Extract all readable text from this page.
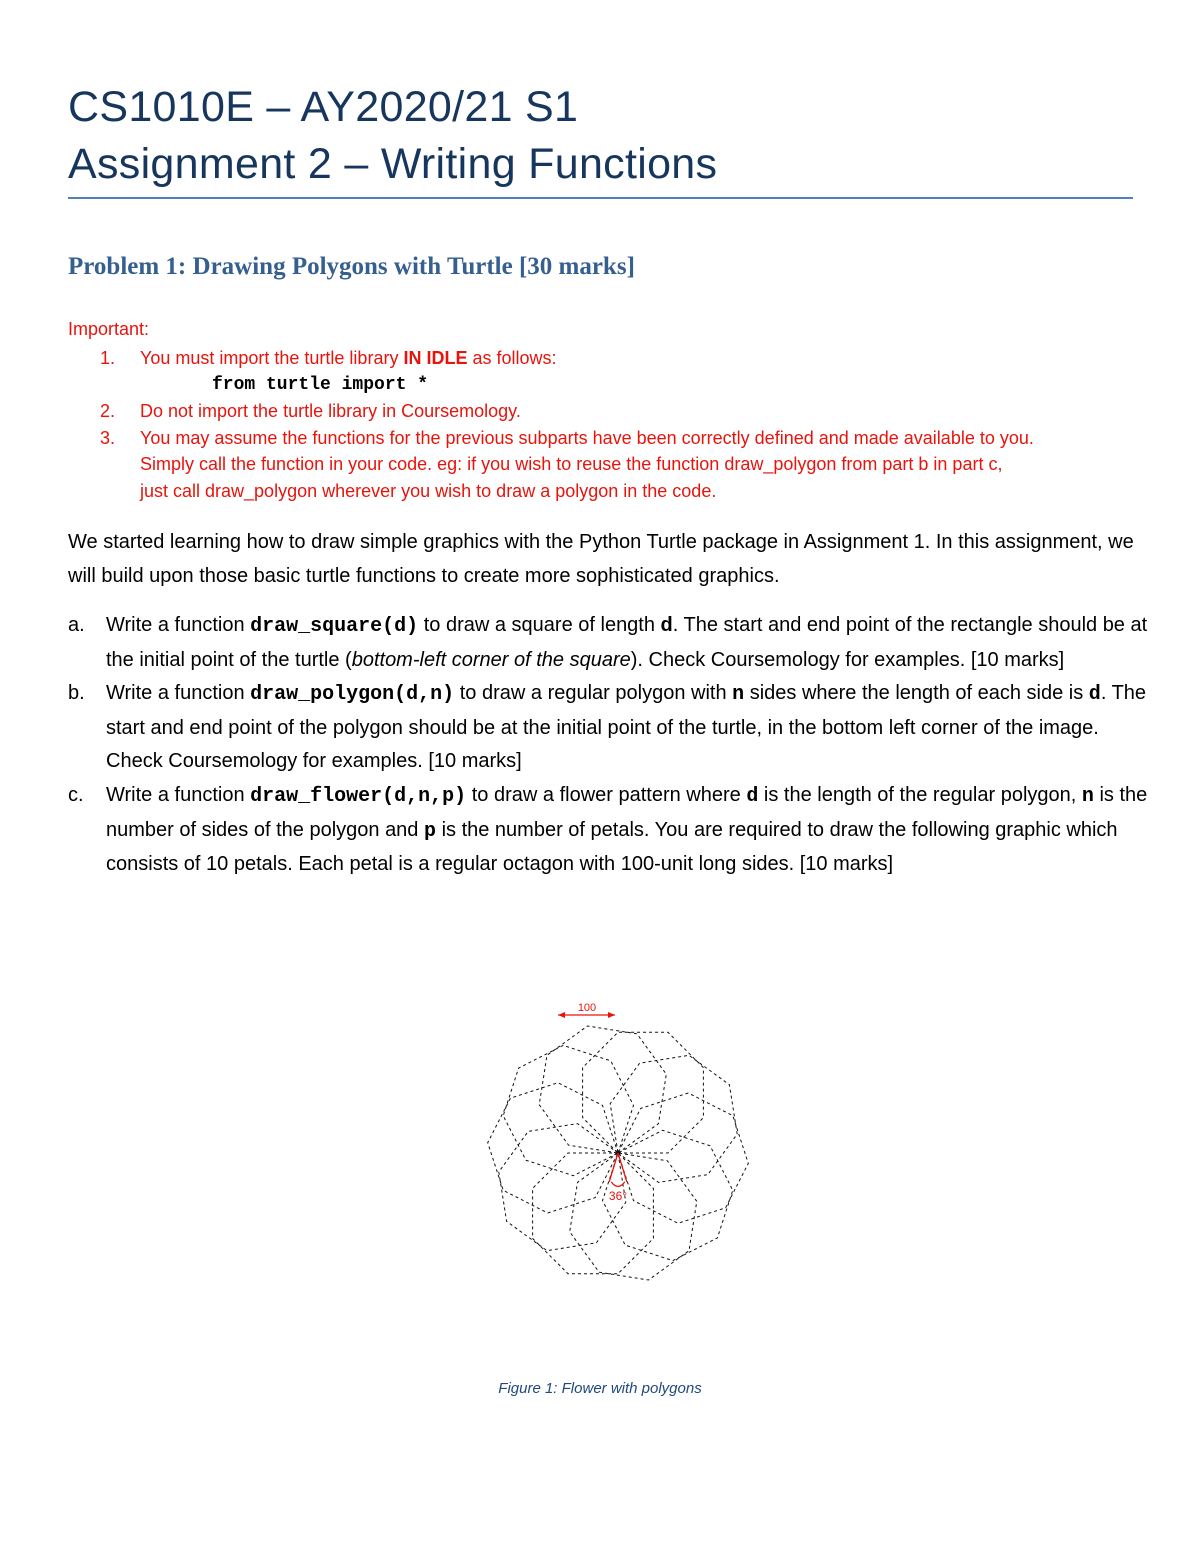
CS1010E – AY2020/21 S1
Assignment 2 – Writing Functions
Problem 1: Drawing Polygons with Turtle [30 marks]
Important:
1.	You must import the turtle library IN IDLE as follows:
from turtle import *
2.	Do not import the turtle library in Coursemology.
3.	You may assume the functions for the previous subparts have been correctly defined and made available to you.
Simply call the function in your code. eg: if you wish to reuse the function draw_polygon from part b in part c,
just call draw_polygon wherever you wish to draw a polygon in the code.
We started learning how to draw simple graphics with the Python Turtle package in Assignment 1. In this assignment, we will build upon those basic turtle functions to create more sophisticated graphics.
a.	Write a function draw_square(d) to draw a square of length d. The start and end point of the rectangle should be at the initial point of the turtle (bottom-left corner of the square). Check Coursemology for examples. [10 marks]
b.	Write a function draw_polygon(d,n) to draw a regular polygon with n sides where the length of each side is d. The start and end point of the polygon should be at the initial point of the turtle, in the bottom left corner of the image. Check Coursemology for examples. [10 marks]
c.	Write a function draw_flower(d,n,p) to draw a flower pattern where d is the length of the regular polygon, n is the number of sides of the polygon and p is the number of petals. You are required to draw the following graphic which consists of 10 petals. Each petal is a regular octagon with 100-unit long sides. [10 marks]
36°
100
Figure 1: Flower with polygons
